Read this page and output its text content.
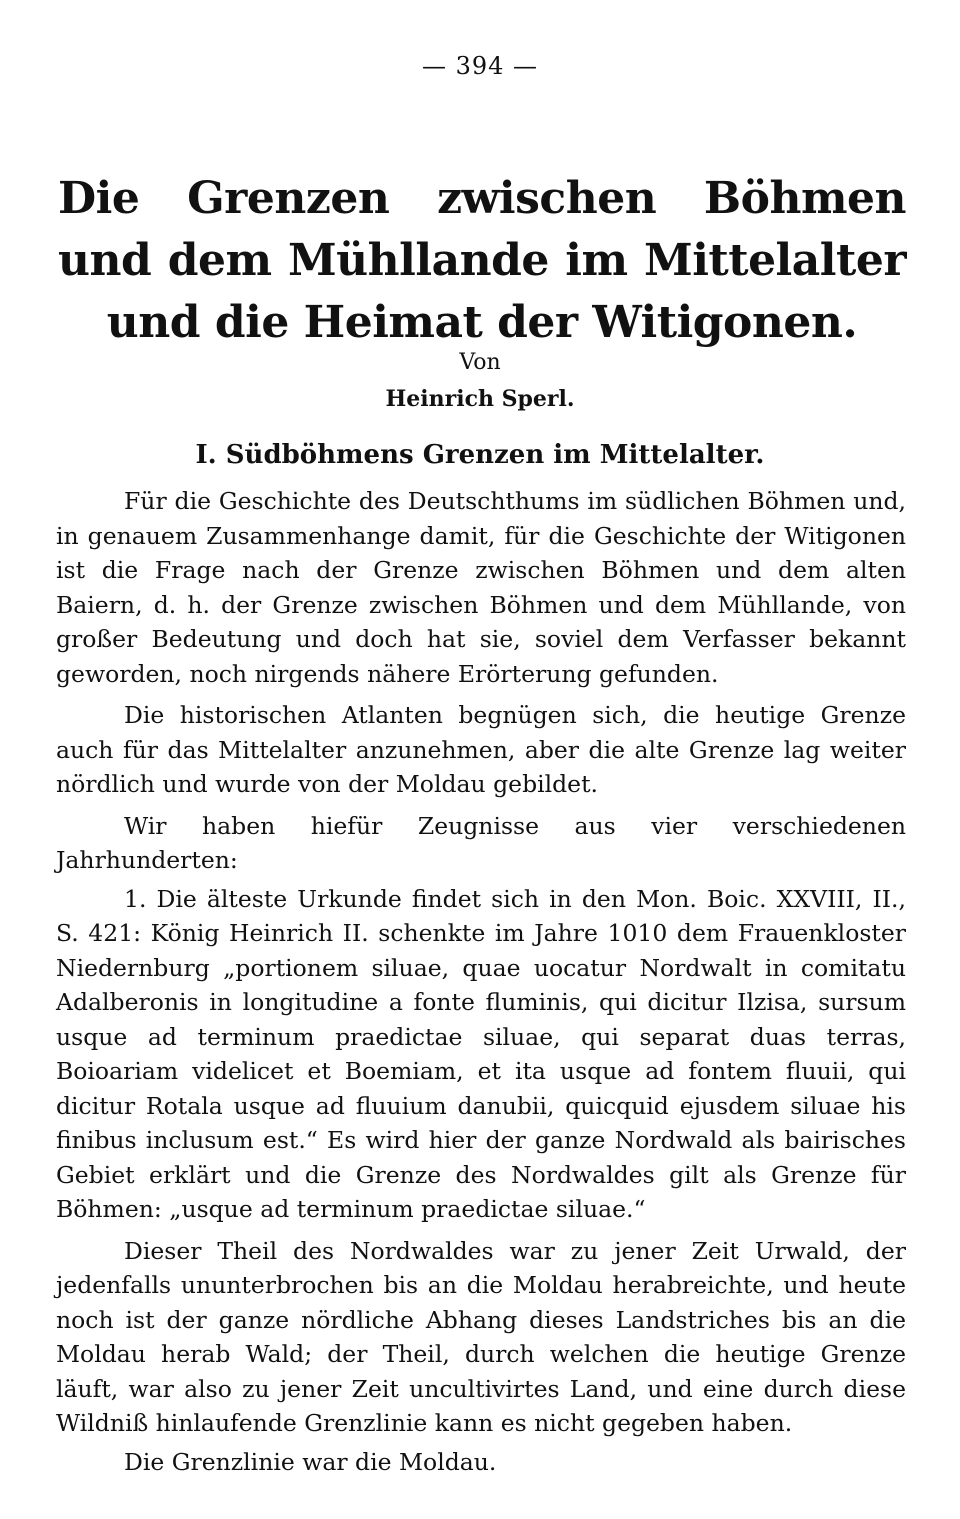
— 394 —
Die Grenzen zwischen Böhmen und dem Mühllande im Mittelalter und die Heimat der Witigonen.
Von
Heinrich Sperl.
I. Südböhmens Grenzen im Mittelalter.

Für die Geschichte des Deutschthums im südlichen Böhmen und, in genauem Zusammenhange damit, für die Geschichte der Witigonen ist die Frage nach der Grenze zwischen Böhmen und dem alten Baiern, d. h. der Grenze zwischen Böhmen und dem Mühllande, von großer Bedeutung und doch hat sie, soviel dem Verfasser bekannt geworden, noch nirgends nähere Erörterung gefunden.

Die historischen Atlanten begnügen sich, die heutige Grenze auch für das Mittelalter anzunehmen, aber die alte Grenze lag weiter nördlich und wurde von der Moldau gebildet.

Wir haben hiefür Zeugnisse aus vier verschiedenen Jahrhunderten:

1. Die älteste Urkunde findet sich in den Mon. Boic. XXVIII, II., S. 421: König Heinrich II. schenkte im Jahre 1010 dem Frauenkloster Niedernburg „portionem siluae, quae uocatur Nordwalt in comitatu Adalberonis in longitudine a fonte fluminis, qui dicitur Ilzisa, sursum usque ad terminum praedictae siluae, qui separat duas terras, Boioariam videlicet et Boemiam, et ita usque ad fontem fluuii, qui dicitur Rotala usque ad fluuium danubii, quicquid ejusdem siluae his finibus inclusum est.“ Es wird hier der ganze Nordwald als bairisches Gebiet erklärt und die Grenze des Nordwaldes gilt als Grenze für Böhmen: „usque ad terminum praedictae siluae.“

Dieser Theil des Nordwaldes war zu jener Zeit Urwald, der jedenfalls ununterbrochen bis an die Moldau herabreichte, und heute noch ist der ganze nördliche Abhang dieses Landstriches bis an die Moldau herab Wald; der Theil, durch welchen die heutige Grenze läuft, war also zu jener Zeit uncultivirtes Land, und eine durch diese Wildniß hinlaufende Grenzlinie kann es nicht gegeben haben.

Die Grenzlinie war die Moldau.
